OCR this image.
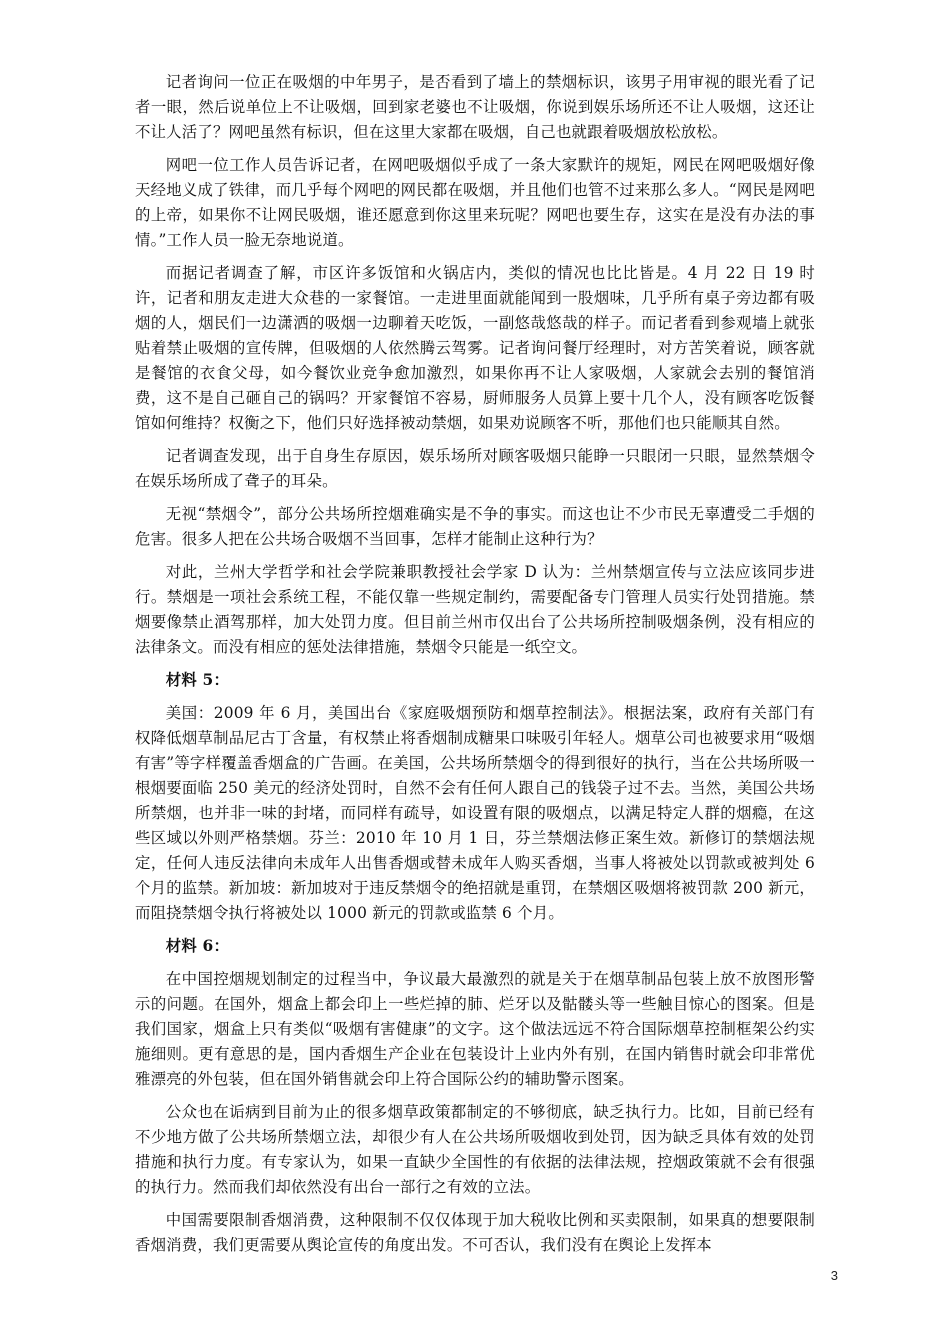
记者询问一位正在吸烟的中年男子，是否看到了墙上的禁烟标识，该男子用审视的眼光看了记者一眼，然后说单位上不让吸烟，回到家老婆也不让吸烟，你说到娱乐场所还不让人吸烟，这还让不让人活了？网吧虽然有标识，但在这里大家都在吸烟，自己也就跟着吸烟放松放松。

网吧一位工作人员告诉记者，在网吧吸烟似乎成了一条大家默许的规矩，网民在网吧吸烟好像天经地义成了铁律，而几乎每个网吧的网民都在吸烟，并且他们也管不过来那么多人。“网民是网吧的上帝，如果你不让网民吸烟，谁还愿意到你这里来玩呢？网吧也要生存，这实在是没有办法的事情。”工作人员一脸无奈地说道。

而据记者调查了解，市区许多饭馆和火锅店内，类似的情况也比比皆是。4 月 22 日 19 时许，记者和朋友走进大众巷的一家餐馆。一走进里面就能闻到一股烟味，几乎所有桌子旁边都有吸烟的人，烟民们一边潇洒的吸烟一边聊着天吃饭，一副悠哉悠哉的样子。而记者看到参观墙上就张贴着禁止吸烟的宣传牌，但吸烟的人依然腾云驾雾。记者询问餐厅经理时，对方苦笑着说，顾客就是餐馆的衣食父母，如今餐饮业竞争愈加激烈，如果你再不让人家吸烟，人家就会去别的餐馆消费，这不是自己砸自己的锅吗？开家餐馆不容易，厨师服务人员算上要十几个人，没有顾客吃饭餐馆如何维持？权衡之下，他们只好选择被动禁烟，如果劝说顾客不听，那他们也只能顺其自然。

记者调查发现，出于自身生存原因，娱乐场所对顾客吸烟只能睁一只眼闭一只眼，显然禁烟令在娱乐场所成了聋子的耳朵。

无视“禁烟令”，部分公共场所控烟难确实是不争的事实。而这也让不少市民无辜遭受二手烟的危害。很多人把在公共场合吸烟不当回事，怎样才能制止这种行为？

对此，兰州大学哲学和社会学院兼职教授社会学家 D 认为：兰州禁烟宣传与立法应该同步进行。禁烟是一项社会系统工程，不能仅靠一些规定制约，需要配备专门管理人员实行处罚措施。禁烟要像禁止酒驾那样，加大处罚力度。但目前兰州市仅出台了公共场所控制吸烟条例，没有相应的法律条文。而没有相应的惩处法律措施，禁烟令只能是一纸空文。

材料 5：

美国：2009 年 6 月，美国出台《家庭吸烟预防和烟草控制法》。根据法案，政府有关部门有权降低烟草制品尼古丁含量，有权禁止将香烟制成糖果口味吸引年轻人。烟草公司也被要求用“吸烟有害”等字样覆盖香烟盒的广告画。在美国，公共场所禁烟令的得到很好的执行，当在公共场所吸一根烟要面临 250 美元的经济处罚时，自然不会有任何人跟自己的钱袋子过不去。当然，美国公共场所禁烟，也并非一味的封堵，而同样有疏导，如设置有限的吸烟点，以满足特定人群的烟瘾，在这些区域以外则严格禁烟。芬兰：2010 年 10 月 1 日，芬兰禁烟法修正案生效。新修订的禁烟法规定，任何人违反法律向未成年人出售香烟或替未成年人购买香烟，当事人将被处以罚款或被判处 6 个月的监禁。新加坡：新加坡对于违反禁烟令的绝招就是重罚，在禁烟区吸烟将被罚款 200 新元，而阻挠禁烟令执行将被处以 1000 新元的罚款或监禁 6 个月。

材料 6：

在中国控烟规划制定的过程当中，争议最大最激烈的就是关于在烟草制品包装上放不放图形警示的问题。在国外，烟盒上都会印上一些烂掉的肺、烂牙以及骷髅头等一些触目惊心的图案。但是我们国家，烟盒上只有类似“吸烟有害健康”的文字。这个做法远远不符合国际烟草控制框架公约实施细则。更有意思的是，国内香烟生产企业在包装设计上业内外有别，在国内销售时就会印非常优雅漂亮的外包装，但在国外销售就会印上符合国际公约的辅助警示图案。

公众也在诟病到目前为止的很多烟草政策都制定的不够彻底，缺乏执行力。比如，目前已经有不少地方做了公共场所禁烟立法，却很少有人在公共场所吸烟收到处罚，因为缺乏具体有效的处罚措施和执行力度。有专家认为，如果一直缺少全国性的有依据的法律法规，控烟政策就不会有很强的执行力。然而我们却依然没有出台一部行之有效的立法。

中国需要限制香烟消费，这种限制不仅仅体现于加大税收比例和买卖限制，如果真的想要限制香烟消费，我们更需要从舆论宣传的角度出发。不可否认，我们没有在舆论上发挥本

3
